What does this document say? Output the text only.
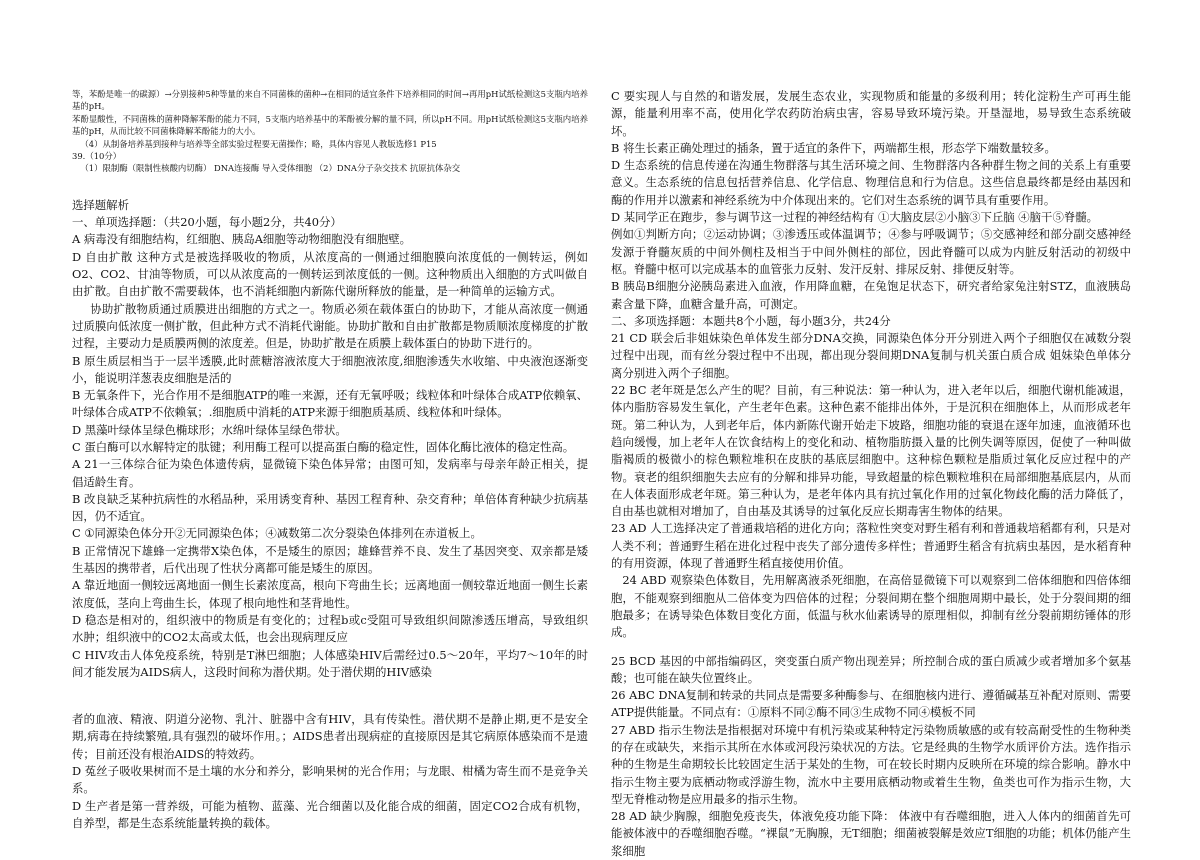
等，苯酚是唯一的碳源）→分别接种5种等量的来自不同菌株的菌种→在相同的适宜条件下培养相同的时间→再用pH试纸检测这5支瓶内培养基的pH。

苯酚显酸性，不同菌株的菌种降解苯酚的能力不同，5支瓶内培养基中的苯酚被分解的量不同，所以pH不同。用pH试纸检测这5支瓶内培养基的pH，从而比较不同菌株降解苯酚能力的大小。

（4）从制备培养基到接种与培养等全部实验过程要无菌操作；略，具体内容见人教版选修1 P15

39.（10分）

（1）限制酶（限制性核酸内切酶） DNA连接酶 导入受体细胞 （2）DNA分子杂交技术 抗原抗体杂交

选择题解析

一、单项选择题：（共20小题，每小题2分，共40分）

A 病毒没有细胞结构，红细胞、胰岛A细胞等动物细胞没有细胞壁。

D 自由扩散 这种方式是被选择吸收的物质，从浓度高的一侧通过细胞膜向浓度低的一侧转运，例如O2、CO2、甘油等物质，可以从浓度高的一侧转运到浓度低的一侧。这种物质出入细胞的方式叫做自由扩散。自由扩散不需要载体，也不消耗细胞内新陈代谢所释放的能量，是一种简单的运输方式。

协助扩散物质通过质膜进出细胞的方式之一。物质必须在载体蛋白的协助下，才能从高浓度一侧通过质膜向低浓度一侧扩散，但此种方式不消耗代谢能。协助扩散和自由扩散都是物质顺浓度梯度的扩散过程，主要动力是质膜两侧的浓度差。但是，协助扩散是在质膜上载体蛋白的协助下进行的。

B 原生质层相当于一层半透膜,此时蔗糖溶液浓度大于细胞液浓度,细胞渗透失水收缩、中央液泡逐渐变小，能说明洋葱表皮细胞是活的

B 无氧条件下，光合作用不是细胞ATP的唯一来源，还有无氧呼吸；线粒体和叶绿体合成ATP依赖氧、叶绿体合成ATP不依赖氧；.细胞质中消耗的ATP来源于细胞质基质、线粒体和叶绿体。

D 黑藻叶绿体呈绿色椭球形；水绵叶绿体呈绿色带状。

C 蛋白酶可以水解特定的肽键；利用酶工程可以提高蛋白酶的稳定性，固体化酶比液体的稳定性高。

A 21一三体综合征为染色体遗传病，显微镜下染色体异常；由图可知，发病率与母亲年龄正相关，提倡适龄生育。

B 改良缺乏某种抗病性的水稻品种，采用诱变育种、基因工程育种、杂交育种；单倍体育种缺少抗病基因，仍不适宜。

C ①同源染色体分开②无同源染色体；④减数第二次分裂染色体排列在赤道板上。

B 正常情况下雄蜂一定携带X染色体，不是矮生的原因；雄蜂营养不良、发生了基因突变、双亲都是矮生基因的携带者，后代出现了性状分离都可能是矮生的原因。

A 靠近地面一侧较远离地面一侧生长素浓度高，根向下弯曲生长；远离地面一侧较靠近地面一侧生长素浓度低，茎向上弯曲生长，体现了根向地性和茎背地性。

D 稳态是相对的，组织液中的物质是有变化的；过程b或c受阻可导致组织间隙渗透压增高，导致组织水肿；组织液中的CO2太高或太低，也会出现病理反应

C HIV攻击人体免疫系统，特别是T淋巴细胞；人体感染HIV后需经过0.5～20年，平均7～10年的时间才能发展为AIDS病人，这段时间称为潜伏期。处于潜伏期的HIV感染

者的血液、精液、阴道分泌物、乳汁、脏器中含有HIV，具有传染性。潜伏期不是静止期,更不是安全期,病毒在持续繁殖,具有强烈的破坏作用。；AIDS患者出现病症的直接原因是其它病原体感染而不是遗传；目前还没有根治AIDS的特效药。

D 菟丝子吸收果树而不是土壤的水分和养分，影响果树的光合作用；与龙眼、柑橘为寄生而不是竞争关系。

D 生产者是第一营养级，可能为植物、蓝藻、光合细菌以及化能合成的细菌，固定CO2合成有机物，自养型，都是生态系统能量转换的载体。

C 要实现人与自然的和谐发展，发展生态农业，实现物质和能量的多级利用；转化淀粉生产可再生能源，能量利用率不高，使用化学农药防治病虫害，容易导致环境污染。开垦湿地，易导致生态系统破坏。

B 将生长素正确处理过的插条，置于适宜的条件下，两端都生根，形态学下端数量较多。

D 生态系统的信息传递在沟通生物群落与其生活环境之间、生物群落内各种群生物之间的关系上有重要意义。生态系统的信息包括营养信息、化学信息、物理信息和行为信息。这些信息最终都是经由基因和酶的作用并以激素和神经系统为中介体现出来的。它们对生态系统的调节具有重要作用。

D 某同学正在跑步，参与调节这一过程的神经结构有 ①大脑皮层②小脑③下丘脑 ④脑干⑤脊髓。

例如①判断方向；②运动协调；③渗透压或体温调节；④参与呼吸调节；⑤交感神经和部分副交感神经发源于脊髓灰质的中间外侧柱及相当于中间外侧柱的部位，因此脊髓可以成为内脏反射活动的初级中枢。脊髓中枢可以完成基本的血管张力反射、发汗反射、排尿反射、排便反射等。

B 胰岛B细胞分泌胰岛素进入血液，作用降血糖，在兔饱足状态下，研究者给家兔注射STZ，血液胰岛素含量下降，血糖含量升高，可测定。

二、多项选择题：本题共8个小题，每小题3分，共24分

21 CD 联会后非姐妹染色单体发生部分DNA交换，同源染色体分开分别进入两个子细胞仅在减数分裂过程中出现，而有丝分裂过程中不出现，都出现分裂间期DNA复制与机关蛋白质合成 姐妹染色单体分离分别进入两个子细胞。

22 BC 老年斑是怎么产生的呢？目前，有三种说法：第一种认为，进入老年以后，细胞代谢机能减退，体内脂肪容易发生氧化，产生老年色素。这种色素不能排出体外，于是沉积在细胞体上，从而形成老年斑。第二种认为，人到老年后，体内新陈代谢开始走下坡路，细胞功能的衰退在逐年加速，血液循环也趋向缓慢，加上老年人在饮食结构上的变化和动、植物脂肪摄入量的比例失调等原因，促使了一种叫做脂褐质的极微小的棕色颗粒堆积在皮肤的基底层细胞中。这种棕色颗粒是脂质过氧化反应过程中的产物。衰老的组织细胞失去应有的分解和排异功能，导致超量的棕色颗粒堆积在局部细胞基底层内，从而在人体表面形成老年斑。第三种认为，是老年体内具有抗过氧化作用的过氧化物歧化酶的活力降低了，自由基也就相对增加了，自由基及其诱导的过氧化反应长期毒害生物体的结果。

23 AD 人工选择决定了普通栽培稻的进化方向；落粒性突变对野生稻有利和普通栽培稻都有利，只是对人类不利；普通野生稻在进化过程中丧失了部分遗传多样性；普通野生稻含有抗病虫基因，是水稻育种的有用资源，体现了普通野生稻直接使用价值。

24 ABD 观察染色体数目，先用解离液杀死细胞，在高倍显微镜下可以观察到二倍体细胞和四倍体细胞，不能观察到细胞从二倍体变为四倍体的过程；分裂间期在整个细胞周期中最长，处于分裂间期的细胞最多；在诱导染色体数目变化方面，低温与秋水仙素诱导的原理相似，抑制有丝分裂前期纺锤体的形成。

25 BCD 基因的中部指编码区，突变蛋白质产物出现差异；所控制合成的蛋白质减少或者增加多个氨基酸；也可能在缺失位置终止。

26 ABC DNA复制和转录的共同点是需要多种酶参与、在细胞核内进行、遵循碱基互补配对原则、需要ATP提供能量。不同点有：①原料不同②酶不同③生成物不同④模板不同

27 ABD 指示生物法是指根据对环境中有机污染或某种特定污染物质敏感的或有较高耐受性的生物种类的存在或缺失，来指示其所在水体或河段污染状况的方法。它是经典的生物学水质评价方法。选作指示种的生物是生命期较长比较固定生活于某处的生物，可在较长时期内反映所在环境的综合影响。静水中指示生物主要为底栖动物或浮游生物，流水中主要用底栖动物或着生生物，鱼类也可作为指示生物，大型无脊椎动物是应用最多的指示生物。

28 AD 缺少胸腺，细胞免疫丧失，体液免疫功能下降： 体液中有吞噬细胞，进入人体内的细菌首先可能被体液中的吞噬细胞吞噬。“裸鼠”无胸腺，无T细胞；细菌被裂解是效应T细胞的功能；机体仍能产生浆细胞
